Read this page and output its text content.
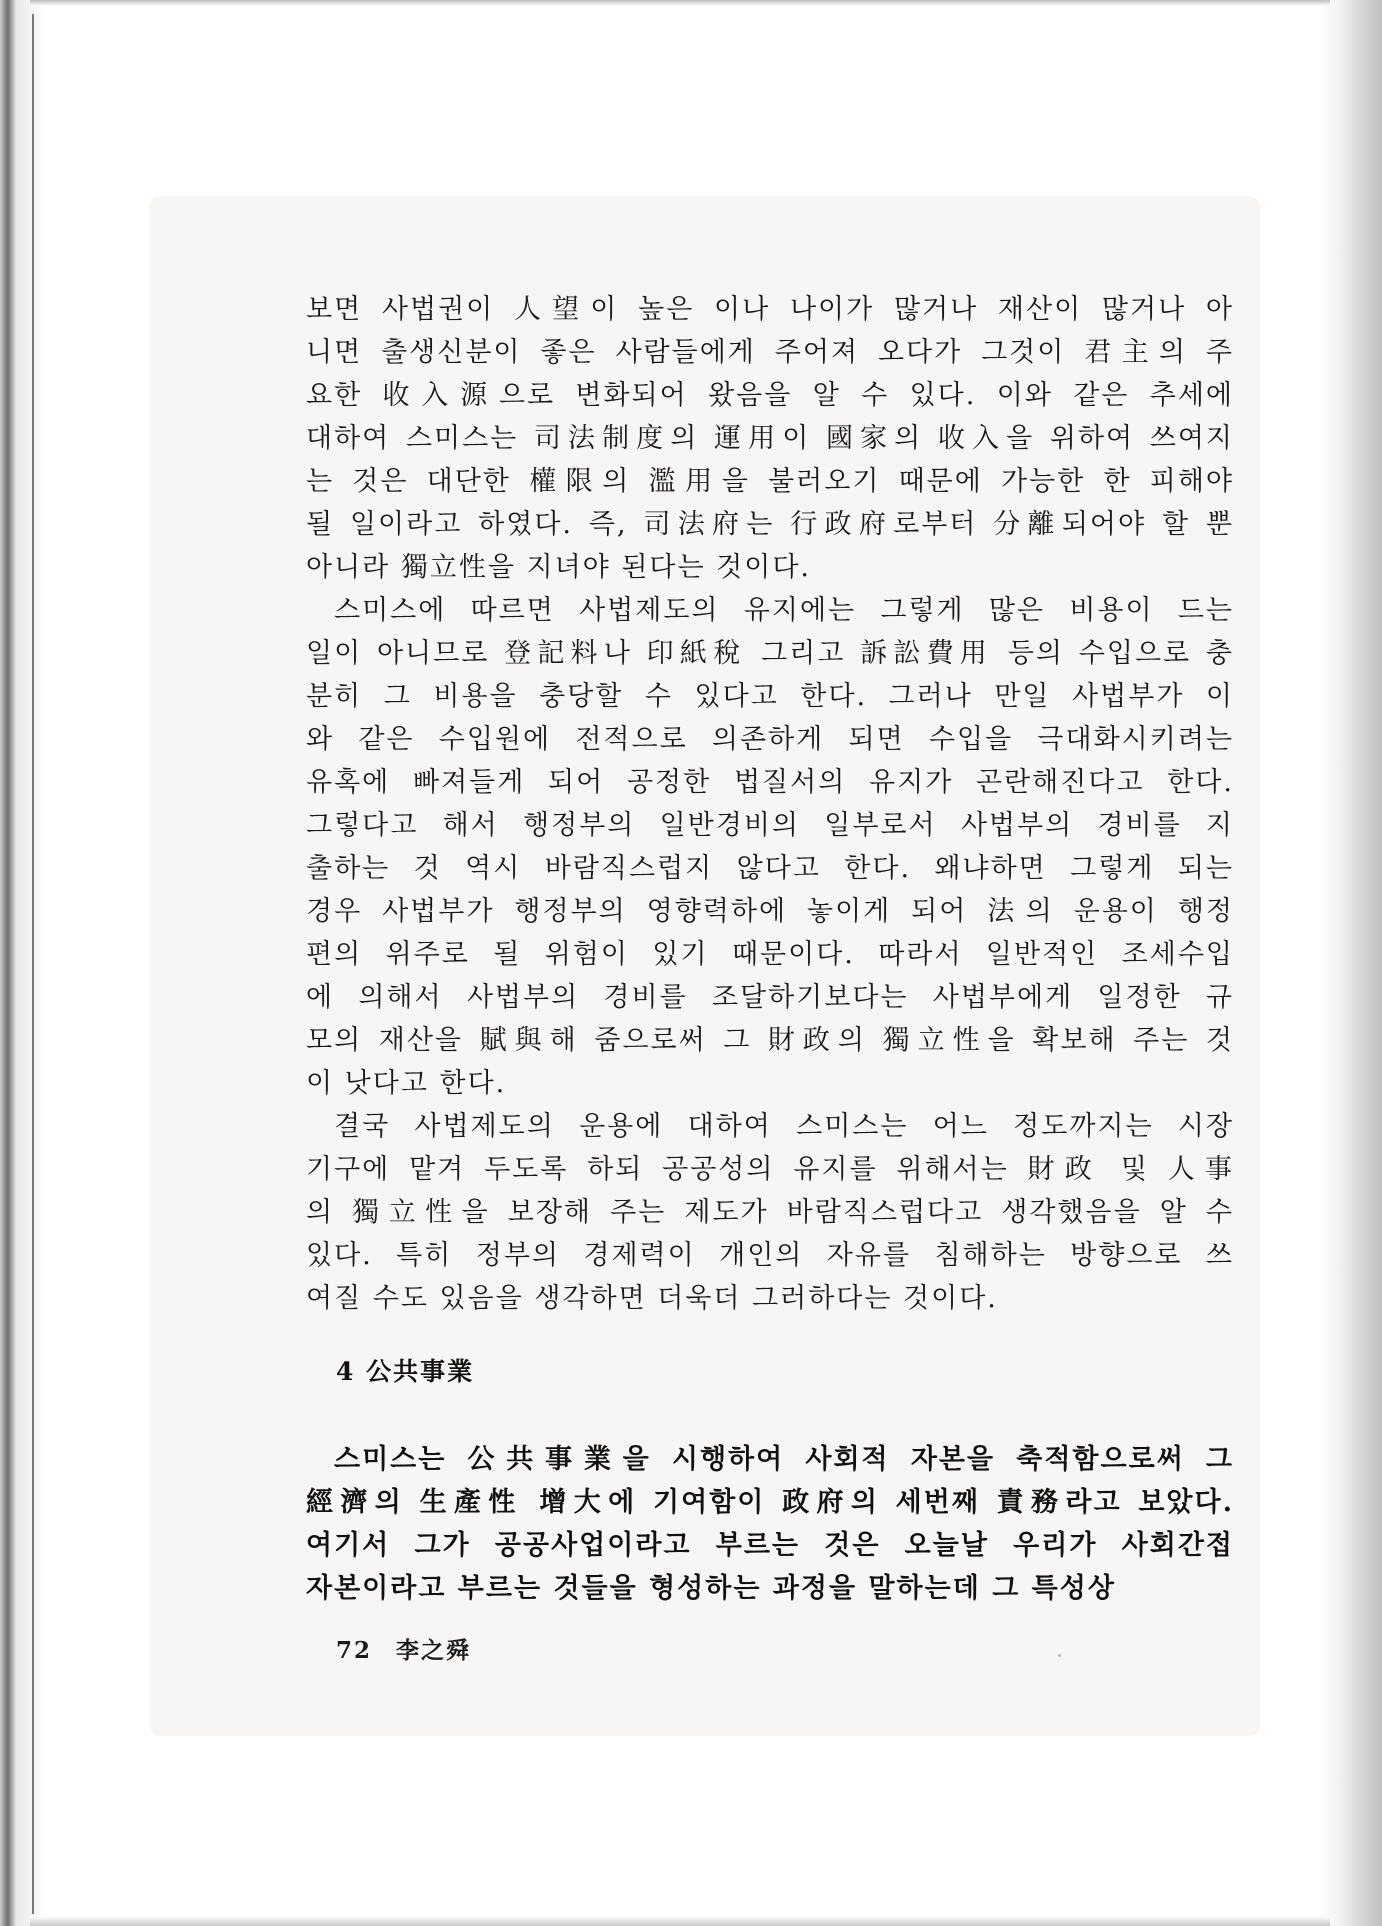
보면 사법권이 人望이 높은 이나 나이가 많거나 재산이 많거나 아
니면 출생신분이 좋은 사람들에게 주어져 오다가 그것이 君主의 주
요한 收入源으로 변화되어 왔음을 알 수 있다. 이와 같은 추세에
대하여 스미스는 司法制度의 運用이 國家의 收入을 위하여 쓰여지
는 것은 대단한 權限의 濫用을 불러오기 때문에 가능한 한 피해야
될 일이라고 하였다. 즉, 司法府는 行政府로부터 分離되어야 할 뿐
아니라 獨立性을 지녀야 된다는 것이다.

스미스에 따르면 사법제도의 유지에는 그렇게 많은 비용이 드는
일이 아니므로 登記料나 印紙稅 그리고 訴訟費用 등의 수입으로 충
분히 그 비용을 충당할 수 있다고 한다. 그러나 만일 사법부가 이
와 같은 수입원에 전적으로 의존하게 되면 수입을 극대화시키려는
유혹에 빠져들게 되어 공정한 법질서의 유지가 곤란해진다고 한다.
그렇다고 해서 행정부의 일반경비의 일부로서 사법부의 경비를 지
출하는 것 역시 바람직스럽지 않다고 한다. 왜냐하면 그렇게 되는
경우 사법부가 행정부의 영향력하에 놓이게 되어 法의 운용이 행정
편의 위주로 될 위험이 있기 때문이다. 따라서 일반적인 조세수입
에 의해서 사법부의 경비를 조달하기보다는 사법부에게 일정한 규
모의 재산을 賦與해 줌으로써 그 財政의 獨立性을 확보해 주는 것
이 낫다고 한다.

결국 사법제도의 운용에 대하여 스미스는 어느 정도까지는 시장
기구에 맡겨 두도록 하되 공공성의 유지를 위해서는 財政 및 人事
의 獨立性을 보장해 주는 제도가 바람직스럽다고 생각했음을 알 수
있다. 특히 정부의 경제력이 개인의 자유를 침해하는 방향으로 쓰
여질 수도 있음을 생각하면 더욱더 그러하다는 것이다.

4 公共事業

스미스는 公共事業을 시행하여 사회적 자본을 축적함으로써 그
經濟의 生產性 增大에 기여함이 政府의 세번째 責務라고 보았다.
여기서 그가 공공사업이라고 부르는 것은 오늘날 우리가 사회간접
자본이라고 부르는 것들을 형성하는 과정을 말하는데 그 특성상

72 李之舜
